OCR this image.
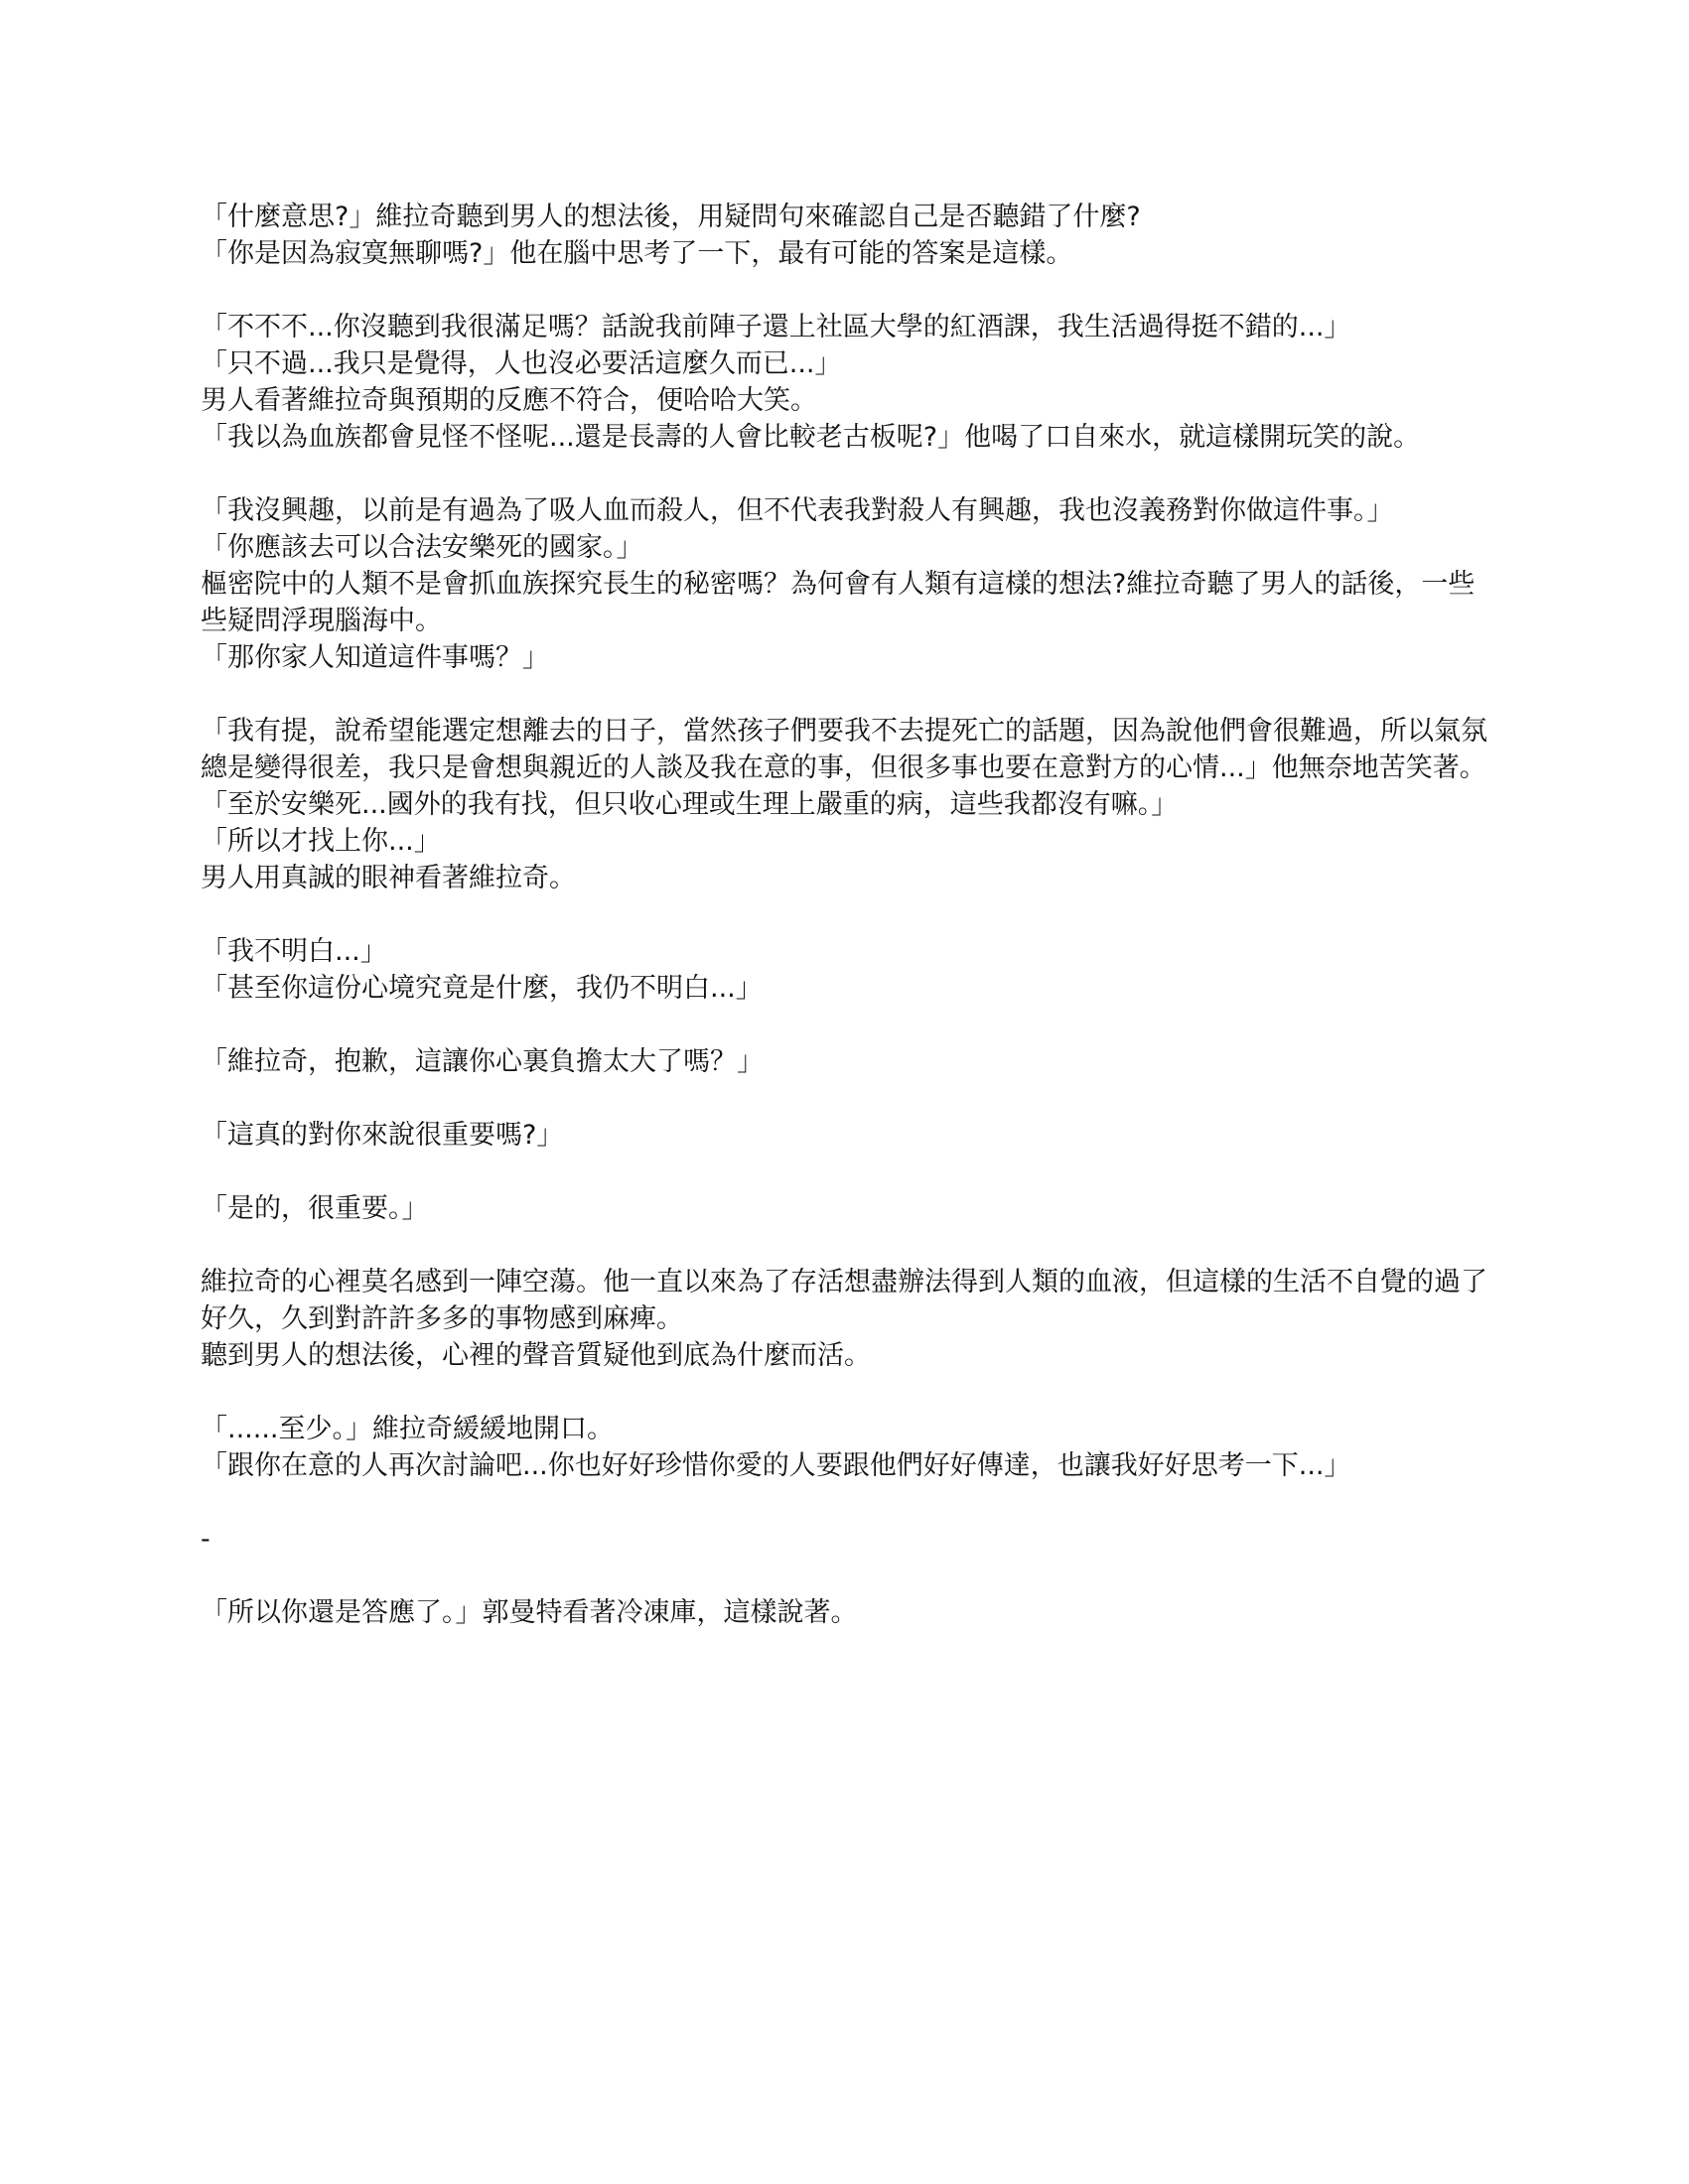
「什麼意思?」維拉奇聽到男人的想法後，用疑問句來確認自己是否聽錯了什麼?

「你是因為寂寞無聊嗎?」他在腦中思考了一下，最有可能的答案是這樣。

「不不不...你沒聽到我很滿足嗎？話說我前陣子還上社區大學的紅酒課，我生活過得挺不錯的...」

「只不過...我只是覺得，人也沒必要活這麼久而已...」

男人看著維拉奇與預期的反應不符合，便哈哈大笑。

「我以為血族都會見怪不怪呢...還是長壽的人會比較老古板呢?」他喝了口自來水，就這樣開玩笑的說。

「我沒興趣，以前是有過為了吸人血而殺人，但不代表我對殺人有興趣，我也沒義務對你做這件事。」

「你應該去可以合法安樂死的國家。」

樞密院中的人類不是會抓血族探究長生的秘密嗎？為何會有人類有這樣的想法?維拉奇聽了男人的話後，一些些疑問浮現腦海中。

「那你家人知道這件事嗎？」

「我有提，說希望能選定想離去的日子，當然孩子們要我不去提死亡的話題，因為說他們會很難過，所以氣氛總是變得很差，我只是會想與親近的人談及我在意的事，但很多事也要在意對方的心情...」他無奈地苦笑著。

「至於安樂死...國外的我有找，但只收心理或生理上嚴重的病，這些我都沒有嘛。」

「所以才找上你...」

男人用真誠的眼神看著維拉奇。

「我不明白...」

「甚至你這份心境究竟是什麼，我仍不明白...」

「維拉奇，抱歉，這讓你心裏負擔太大了嗎？」

「這真的對你來說很重要嗎?」

「是的，很重要。」

維拉奇的心裡莫名感到一陣空蕩。他一直以來為了存活想盡辦法得到人類的血液，但這樣的生活不自覺的過了好久，久到對許許多多的事物感到麻痺。

聽到男人的想法後，心裡的聲音質疑他到底為什麼而活。

「......至少。」維拉奇緩緩地開口。

「跟你在意的人再次討論吧...你也好好珍惜你愛的人要跟他們好好傳達，也讓我好好思考一下...」

-

「所以你還是答應了。」郭曼特看著冷凍庫，這樣說著。
